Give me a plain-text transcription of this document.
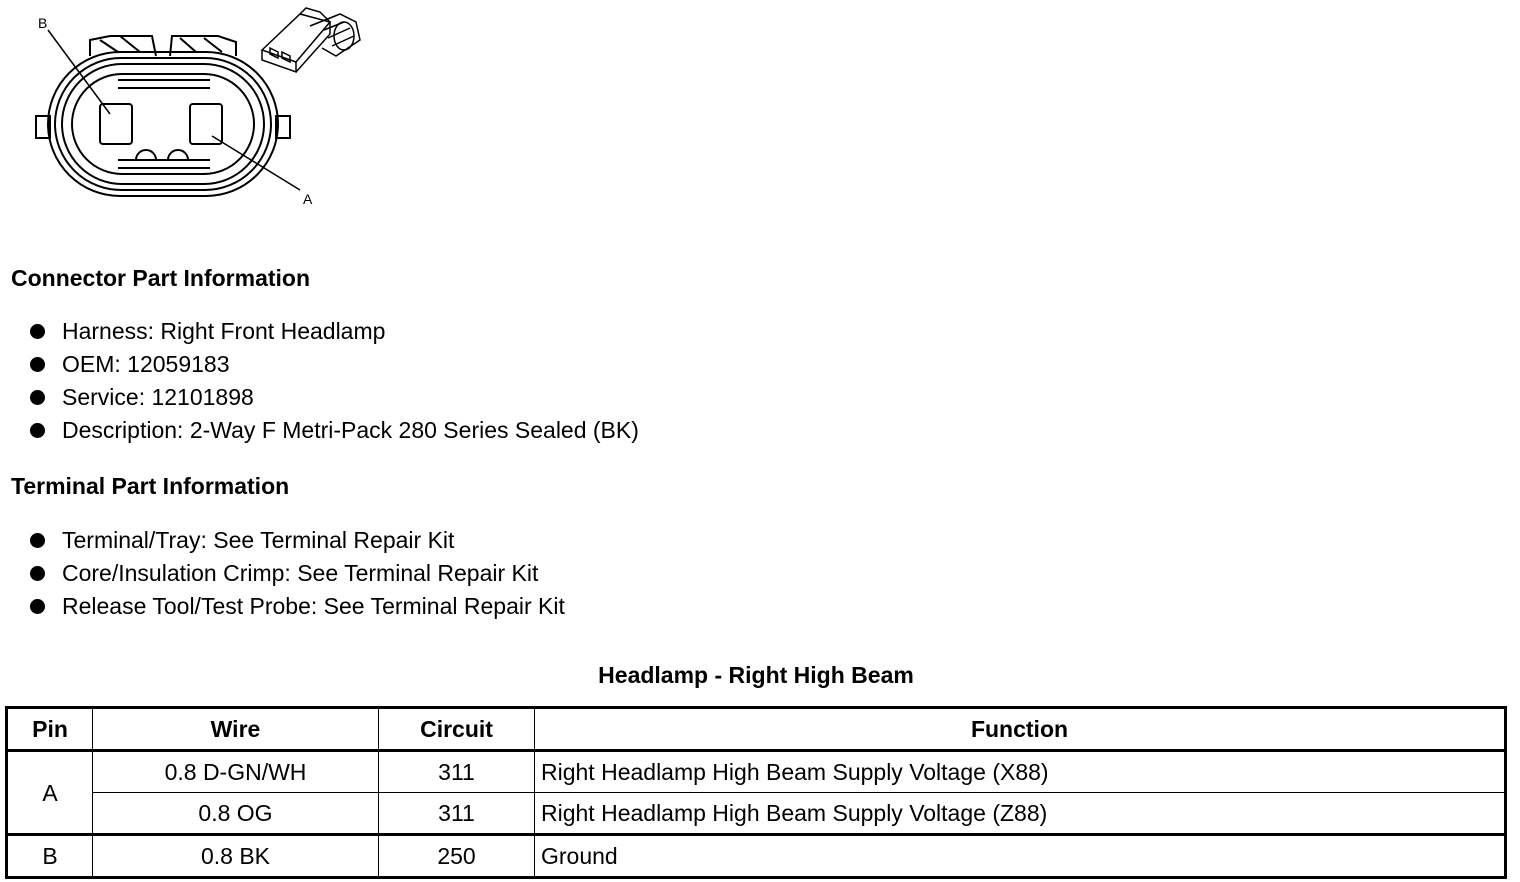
B
A
Connector Part Information
Harness: Right Front Headlamp
OEM: 12059183
Service: 12101898
Description: 2-Way F Metri-Pack 280 Series Sealed (BK)
Terminal Part Information
Terminal/Tray: See Terminal Repair Kit
Core/Insulation Crimp: See Terminal Repair Kit
Release Tool/Test Probe: See Terminal Repair Kit
Headlamp - Right High Beam
Pin	Wire	Circuit	Function
A	0.8 D-GN/WH	311	Right Headlamp High Beam Supply Voltage (X88)
	0.8 OG	311	Right Headlamp High Beam Supply Voltage (Z88)
B	0.8 BK	250	Ground
